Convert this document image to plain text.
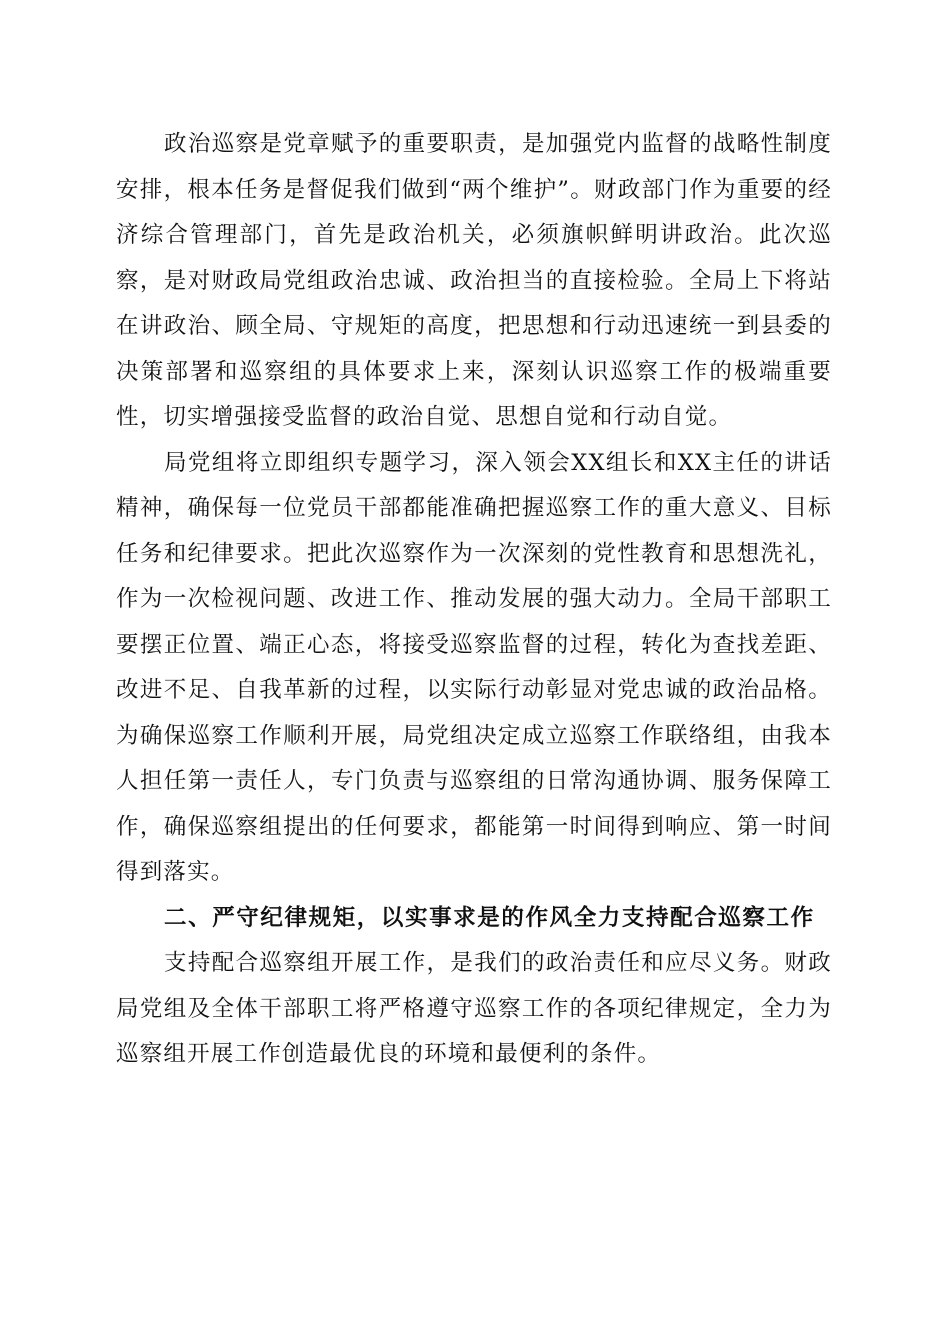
政治巡察是党章赋予的重要职责，是加强党内监督的战略性制度安排，根本任务是督促我们做到“两个维护”。财政部门作为重要的经济综合管理部门，首先是政治机关，必须旗帜鲜明讲政治。此次巡察，是对财政局党组政治忠诚、政治担当的直接检验。全局上下将站在讲政治、顾全局、守规矩的高度，把思想和行动迅速统一到县委的决策部署和巡察组的具体要求上来，深刻认识巡察工作的极端重要性，切实增强接受监督的政治自觉、思想自觉和行动自觉。

局党组将立即组织专题学习，深入领会XX组长和XX主任的讲话精神，确保每一位党员干部都能准确把握巡察工作的重大意义、目标任务和纪律要求。把此次巡察作为一次深刻的党性教育和思想洗礼，作为一次检视问题、改进工作、推动发展的强大动力。全局干部职工要摆正位置、端正心态，将接受巡察监督的过程，转化为查找差距、改进不足、自我革新的过程，以实际行动彰显对党忠诚的政治品格。为确保巡察工作顺利开展，局党组决定成立巡察工作联络组，由我本人担任第一责任人，专门负责与巡察组的日常沟通协调、服务保障工作，确保巡察组提出的任何要求，都能第一时间得到响应、第一时间得到落实。

二、严守纪律规矩，以实事求是的作风全力支持配合巡察工作

支持配合巡察组开展工作，是我们的政治责任和应尽义务。财政局党组及全体干部职工将严格遵守巡察工作的各项纪律规定，全力为巡察组开展工作创造最优良的环境和最便利的条件。
